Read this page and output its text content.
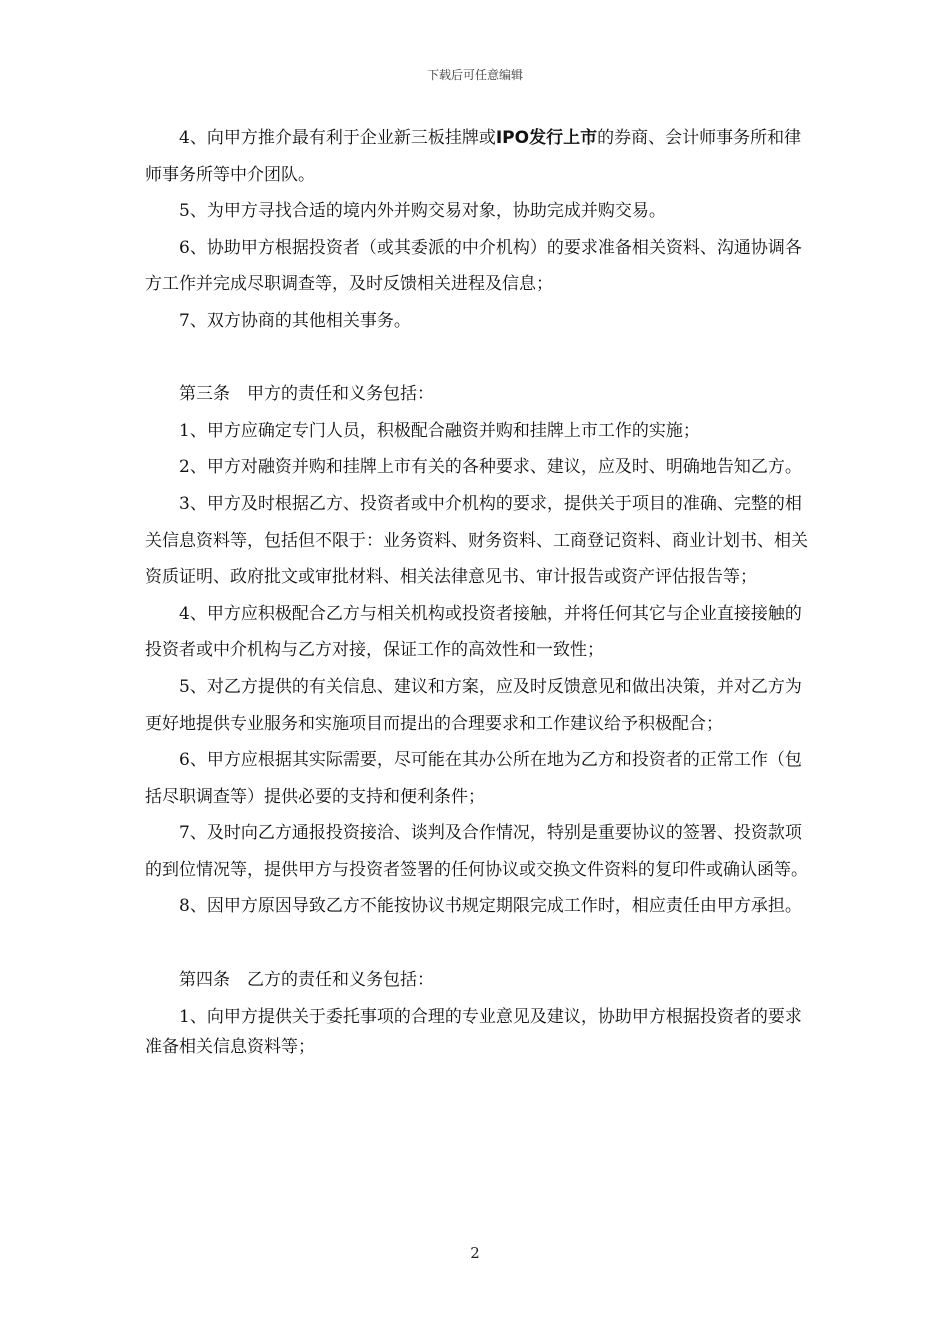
下载后可任意编辑

4、向甲方推介最有利于企业新三板挂牌或IPO发行上市的券商、会计师事务所和律师事务所等中介团队。

5、为甲方寻找合适的境内外并购交易对象，协助完成并购交易。

6、协助甲方根据投资者（或其委派的中介机构）的要求准备相关资料、沟通协调各方工作并完成尽职调查等，及时反馈相关进程及信息；

7、双方协商的其他相关事务。

第三条　甲方的责任和义务包括：

1、甲方应确定专门人员，积极配合融资并购和挂牌上市工作的实施；

2、甲方对融资并购和挂牌上市有关的各种要求、建议，应及时、明确地告知乙方。

3、甲方及时根据乙方、投资者或中介机构的要求，提供关于项目的准确、完整的相关信息资料等，包括但不限于：业务资料、财务资料、工商登记资料、商业计划书、相关资质证明、政府批文或审批材料、相关法律意见书、审计报告或资产评估报告等；

4、甲方应积极配合乙方与相关机构或投资者接触，并将任何其它与企业直接接触的投资者或中介机构与乙方对接，保证工作的高效性和一致性；

5、对乙方提供的有关信息、建议和方案，应及时反馈意见和做出决策，并对乙方为更好地提供专业服务和实施项目而提出的合理要求和工作建议给予积极配合；

6、甲方应根据其实际需要，尽可能在其办公所在地为乙方和投资者的正常工作（包括尽职调查等）提供必要的支持和便利条件；

7、及时向乙方通报投资接洽、谈判及合作情况，特别是重要协议的签署、投资款项的到位情况等，提供甲方与投资者签署的任何协议或交换文件资料的复印件或确认函等。

8、因甲方原因导致乙方不能按协议书规定期限完成工作时，相应责任由甲方承担。

第四条　乙方的责任和义务包括：

1、向甲方提供关于委托事项的合理的专业意见及建议，协助甲方根据投资者的要求准备相关信息资料等；

2
